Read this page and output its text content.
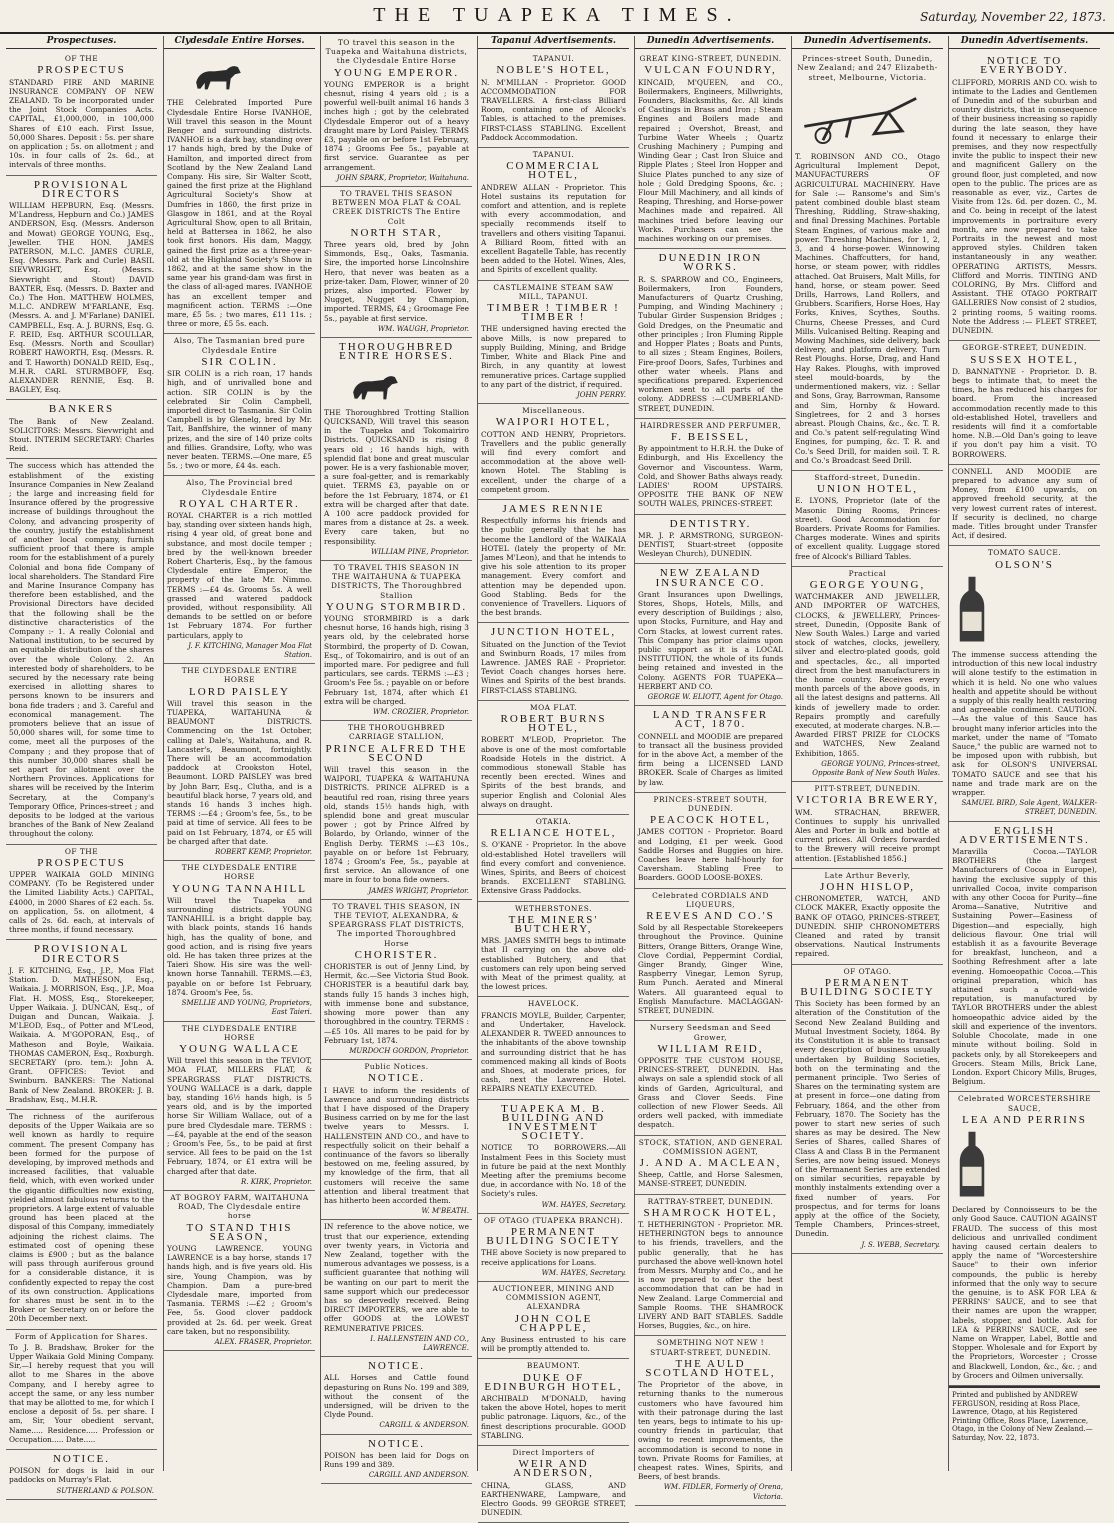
THE TUAPEKA TIMES.	Saturday, November 22, 1873.
Prospectuses.
OF THE
PROSPECTUS
STANDARD FIRE AND MARINE INSURANCE COMPANY OF NEW ZEALAND. To be incorporated under the Joint Stock Companies Acts. CAPITAL, £1,000,000, in 100,000 Shares of £10 each. First Issue, 50,000 Shares. Deposit : 5s. per share on application ; 5s. on allotment ; and 10s. in four calls of 2s. 6d., at intervals of three months.
PROVISIONAL DIRECTORS
WILLIAM HEPBURN, Esq. (Messrs. M'Landress, Hepburn and Co.) JAMES ANDERSON, Esq. (Messrs. Anderson and Mowat) GEORGE YOUNG, Esq., Jeweller. THE HON. JAMES PATERSON, M.L.C. JAMES CURLE, Esq. (Messrs. Park and Curle) BASIL SIEVWRIGHT, Esq. (Messrs. Sievwright and Stout) DAVID BAXTER, Esq. (Messrs. D. Baxter and Co.) The Hon. MATTHEW HOLMES, M.L.C. ANDREW M'FARLANE, Esq. (Messrs. A. and J. M'Farlane) DANIEL CAMPBELL, Esq. A. J. BURNS, Esq. G. F. REID, Esq. ARTHUR SCOULLAR, Esq. (Messrs. North and Scoullar) ROBERT HAWORTH, Esq. (Messrs. R. and T. Haworth) DONALD REID, Esq., M.H.R. CARL STURMBOFF, Esq. ALEXANDER RENNIE, Esq. B. BAGLEY, Esq.
BANKERS
The Bank of New Zealand. SOLICITORS: Messrs. Sievwright and Stout. INTERIM SECRETARY: Charles Reid.
The success which has attended the establishment of the existing Insurance Companies in New Zealand ; the large and increasing field for Insurance offered by the progressive increase of buildings throughout the Colony, and advancing prosperity of the country, justify the establishment of another local company, furnish sufficient proof that there is ample room for the establishment of a purely Colonial and bona fide Company of local shareholders. The Standard Fire and Marine Insurance Company has therefore been established, and the Provisional Directors have decided that the following shall be the distinctive characteristics of the Company :- 1. A really Colonial and National institution, to be secured by an equitable distribution of the shares over the whole Colony. 2. An interested body of shareholders, to be secured by the necessary rate being exercised in allotting shares to persons known to be insurers and bona fide traders ; and 3. Careful and economical management. The promoters believe that an issue of 50,000 shares will, for some time to come, meet all the purposes of the Company ; and they propose that of this number 30,000 shares shall be set apart for allotment over the Northern Provinces. Applications for shares will be received by the Interim Secretary, at the Company's Temporary Office, Princes-street ; and deposits to be lodged at the various branches of the Bank of New Zealand throughout the colony.
OF THE
PROSPECTUS
UPPER WAIKAIA GOLD MINING COMPANY. (To be Registered under the Limited Liability Acts.) CAPITAL, £4000, in 2000 Shares of £2 each. 5s. on application, 5s. on allotment, 4 calls of 2s. 6d. each, at intervals of three months, if found necessary.
PROVISIONAL DIRECTORS
J. F. KITCHING, Esq., J.P., Moa Flat Station. D. MATHESON, Esq., Waikaia. J. MORRISON, Esq., J.P., Moa Flat. H. MOSS, Esq., Storekeeper, Upper Waikaia. J. DUNCAN, Esq., of Duigan and Duncan, Waikaia. J. M'LEOD, Esq., of Potter and M'Leod, Waikaia. A. M'GOPORAN, Esq., of Matheson and Boyle, Waikaia. THOMAS CAMERON, Esq., Roxburgh. SECRETARY (pro. tem.): John A. Grant. OFFICES: Teviot and Swinburn. BANKERS: The National Bank of New Zealand. BROKER: J. B. Bradshaw, Esq., M.H.R.
The richness of the auriferous deposits of the Upper Waikaia are so well known as hardly to require comment. The present Company has been formed for the purpose of developing, by improved methods and increased facilities, that valuable field, which, with even worked under the gigantic difficulties now existing, yielded almost fabulous returns to the proprietors. A large extent of valuable ground has been placed at the disposal of this Company, immediately adjoining the richest claims. The estimated cost of opening these claims is £900 ; but as the balance will pass through auriferous ground for a considerable distance, it is confidently expected to repay the cost of its own construction. Applications for shares must be sent in to the Broker or Secretary on or before the 20th December next.
Form of Application for Shares.
To J. B. Bradshaw, Broker for the Upper Waikaia Gold Mining Company. Sir,—I hereby request that you will allot to me Shares in the above Company, and I hereby agree to accept the same, or any less number that may be allotted to me, for which I enclose a deposit of 5s. per share. I am, Sir, Your obedient servant, Name..... Residence..... Profession or Occupation..... Date.....
NOTICE.
POISON for dogs is laid in our paddocks on Murray's Flat.
SUTHERLAND & POLSON.
Clydesdale Entire Horses.
THE Celebrated Imported Pure Clydesdale Entire Horse IVANHOE, Will travel this season in the Mount Benger and surrounding districts. IVANHOE is a dark bay, standing over 17 hands high, bred by the Duke of Hamilton, and imported direct from Scotland by the New Zealand Land Company. His sire, Sir Walter Scott, gained the first prize at the Highland Agricultural Society's Show at Dumfries in 1860, the first prize in Glasgow in 1861, and at the Royal Agricultural Show, open to all Britain, held at Battersea in 1862, he also took first honors. His dam, Maggy, gained the first prize as a three-year-old at the Highland Society's Show in 1862, and at the same show in the same year his grand-dam was first in the class of all-aged mares. IVANHOE has an excellent temper and magnificent action. TERMS :—One mare, £5 5s. ; two mares, £11 11s. ; three or more, £5 5s. each.
Also, The Tasmanian bred pure Clydesdale Entire
SIR COLIN.
SIR COLIN is a rich roan, 17 hands high, and of unrivalled bone and action. SIR COLIN is by the celebrated Sir Colin Campbell, imported direct to Tasmania. Sir Colin Campbell is by Glenelg, bred by Mr. Tait, Banffshire, the winner of many prizes, and the sire of 140 prize colts and fillies. Grandsire, Lofty, who was never beaten. TERMS.—One mare, £5 5s. ; two or more, £4 4s. each.
Also, The Provincial bred Clydesdale Entire
ROYAL CHARTER.
ROYAL CHARTER is a rich mottled bay, standing over sixteen hands high, rising 4 year old, of great bone and substance, and most docile temper ; bred by the well-known breeder Robert Charteris, Esq., by the famous Clydesdale entire Emperor, the property of the late Mr. Nimmo. TERMS :—£4 4s. Grooms 5s. A well grassed and watered paddock provided, without responsibility. All demands to be settled on or before 1st February 1874. For further particulars, apply to
J. F. KITCHING, Manager Moa Flat Station.
THE CLYDESDALE ENTIRE HORSE
LORD PAISLEY
Will travel this season in the TUAPEKA, WAITAHUNA & BEAUMONT DISTRICTS. Commencing on the 1st October, calling at Dale's, Waitahuna, and R. Lancaster's, Beaumont, fortnightly. There will be an accommodation paddock at Crookston Hotel, Beaumont. LORD PAISLEY was bred by John Barr, Esq., Clutha, and is a beautiful black horse, 7 years old, and stands 16 hands 3 inches high. TERMS :—£4 ; Groom's fee, 5s., to be paid at time of service. All fees to be paid on 1st February, 1874, or £5 will be charged after that date.
ROBERT KEMP, Proprietor.
THE CLYDESDALE ENTIRE HORSE
YOUNG TANNAHILL
Will travel the Tuapeka and surrounding districts. YOUNG TANNAHILL is a bright dapple bay, with black points, stands 16 hands high, has the quality of bone, and good action, and is rising five years old. He has taken three prizes at the Taieri Show. His sire was the well-known horse Tannahill. TERMS.—£3, payable on or before 1st February, 1874. Groom's Fee, 5s.
SMELLIE AND YOUNG, Proprietors, East Taieri.
THE CLYDESDALE ENTIRE HORSE
YOUNG WALLACE
Will travel this season in the TEVIOT, MOA FLAT, MILLERS FLAT, & SPEARGRASS FLAT DISTRICTS. YOUNG WALLACE is a dark, dapple bay, standing 16½ hands high, is 5 years old, and is by the imported horse Sir William Wallace, out of a pure bred Clydesdale mare. TERMS :—£4, payable at the end of the season ; Groom's Fee, 5s., to be paid at first service. All fees to be paid on the 1st February, 1874, or £1 extra will be charged after that date.
R. KIRK, Proprietor.
AT BOGROY FARM, WAITAHUNA ROAD, The Clydesdale entire horse
TO STAND THIS SEASON,
YOUNG LAWRENCE. YOUNG LAWRENCE is a bay horse, stands 17 hands high, and is five years old. His sire, Young Champion, was by Champion. Dam a pure-bred Clydesdale mare, imported from Tasmania. TERMS :—£2 ; Groom's Fee, 5s. Good clover paddock provided at 2s. 6d. per week. Great care taken, but no responsibility.
ALEX. FRASER, Proprietor.
TO travel this season in the Tuapeka and Waitahuna districts, the Clydesdale Entire Horse
YOUNG EMPEROR.
YOUNG EMPEROR is a bright chesnut, rising 4 years old ; is a powerful well-built animal 16 hands 3 inches high ; got by the celebrated Clydesdale Emperor out of a heavy draught mare by Lord Paisley. TERMS £3, payable on or before 1st February, 1874 ; Grooms Fee 5s., payable at first service. Guarantee as per arrangement.
JOHN SPARK, Proprietor, Waitahuna.
TO TRAVEL THIS SEASON BETWEEN MOA FLAT & COAL CREEK DISTRICTS The Entire Colt
NORTH STAR,
Three years old, bred by John Simmonds, Esq., Oaks, Tasmania. Sire, the imported horse Lincolnshire Hero, that never was beaten as a prize-taker. Dam, Flower, winner of 20 prizes, also imported. Flower by Nugget, Nugget by Champion, imported. TERMS, £4 ; Groomage Fee 5s., payable at first service.
WM. WAUGH, Proprietor.
THOROUGHBRED ENTIRE HORSES.
THE Thoroughbred Trotting Stallion QUICKSAND, Will travel this season in the Tuapeka and Tokomairiro Districts. QUICKSAND is rising 8 years old ; 16 hands high, with splendid flat bone and great muscular power. He is a very fashionable mover, a sure foal-getter, and is remarkably quiet. TERMS £3, payable on or before the 1st February, 1874, or £1 extra will be charged after that date. A 100 acre paddock provided for mares from a distance at 2s. a week. Every care taken, but no responsibility.
WILLIAM PINE, Proprietor.
TO TRAVEL THIS SEASON IN THE WAITAHUNA & TUAPEKA DISTRICTS, The Thoroughbred Stallion
YOUNG STORMBIRD.
YOUNG STORMBIRD is a dark chesnut horse, 16 hands high, rising 3 years old, by the celebrated horse Stormbird, the property of D. Cowan, Esq., of Tokomairiro, and is out of an imported mare. For pedigree and full particulars, see cards. TERMS :—£3 ; Groom's Fee 5s. ; payable on or before February 1st, 1874, after which £1 extra will be charged.
WM. CROZIER, Proprietor.
THE THOROUGHBRED CARRIAGE STALLION,
PRINCE ALFRED THE SECOND
Will travel this season in the WAIPORI, TUAPEKA & WAITAHUNA DISTRICTS. PRINCE ALFRED is a beautiful red roan, rising three years old, stands 15½ hands high, with splendid bone and great muscular power ; got by Prince Alfred by Bolardo, by Orlando, winner of the English Derby. TERMS :—£3 10s., payable on or before 1st February, 1874 ; Groom's Fee, 5s., payable at first service. An allowance of one mare in four to bona fide owners.
JAMES WRIGHT, Proprietor.
TO TRAVEL THIS SEASON, IN THE TEVIOT, ALEXANDRA, & SPEARGRASS FLAT DISTRICTS, The imported Thoroughbred Horse
CHORISTER.
CHORISTER is out of Jenny Lind, by Hermit, &c.—See Victoria Stud Book. CHORISTER is a beautiful dark bay, stands fully 15 hands 3 inches high, with immense bone and substance, showing more power than any thoroughbred in the country. TERMS :—£5 10s. All mares to be paid for by February 1st, 1874.
MURDOCH GORDON, Proprietor.
Public Notices.
NOTICE.
I HAVE to inform the residents of Lawrence and surrounding districts that I have disposed of the Drapery Business carried on by me for the last twelve years to Messrs. I. HALLENSTEIN AND CO., and have to respectfully solicit on their behalf a continuance of the favors so liberally bestowed on me, feeling assured, by my knowledge of the firm, that all customers will receive the same attention and liberal treatment that has hitherto been accorded them.
W. M'BEATH.
IN reference to the above notice, we trust that our experience, extending over twenty years, in Victoria and New Zealand, together with the numerous advantages we possess, is a sufficient guarantee that nothing will be wanting on our part to merit the same support which our predecessor has so deservedly received. Being DIRECT IMPORTERS, we are able to offer GOODS at the LOWEST REMUNERATIVE PRICES.
I. HALLENSTEIN AND CO., LAWRENCE.
NOTICE.
ALL Horses and Cattle found depasturing on Runs No. 199 and 389, without the consent of the undersigned, will be driven to the Clyde Pound.
CARGILL & ANDERSON.
NOTICE.
POISON has been laid for Dogs on Runs 199 and 389.
CARGILL AND ANDERSON.
Tapanui Advertisements.
TAPANUI.
NOBLE'S HOTEL,
N. M'MILLAN - Proprietor. GOOD ACCOMMODATION FOR TRAVELLERS. A first-class Billiard Room, containing one of Alcock's Tables, is attached to the premises. FIRST-CLASS STABLING. Excellent Paddock Accommodation.
TAPANUI.
COMMERCIAL HOTEL,
ANDREW ALLAN - Proprietor. This Hotel sustains its reputation for comfort and attention, and is replete with every accommodation, and specially recommends itself to travellers and others visiting Tapanui. A Billiard Room, fitted with an excellent Bagatelle Table, has recently been added to the Hotel. Wines, Ales, and Spirits of excellent quality.
CASTLEMAINE STEAM SAW MILL, TAPANUI.
TIMBER ! TIMBER ! TIMBER !
THE undersigned having erected the above Mills, is now prepared to supply Building, Mining, and Bridge Timber, White and Black Pine and Birch, in any quantity at lowest remunerative prices. Cartage supplied to any part of the district, if required.
JOHN PERRY.
Miscellaneous.
WAIPORI HOTEL,
COTTON AND HENRY, Proprietors. Travellers and the public generally will find every comfort and accommodation at the above well-known Hotel. The Stabling is excellent, under the charge of a competent groom.
JAMES RENNIE
Respectfully informs his friends and the public generally that he has become the Landlord of the WAIKAIA HOTEL (lately the property of Mr. James M'Leon), and that he intends to give his sole attention to its proper management. Every comfort and attention may be depended upon. Good Stabling. Beds for the convenience of Travellers. Liquors of the best brands.
JUNCTION HOTEL,
Situated on the Junction of the Teviot and Swinburn Roads, 17 miles from Lawrence. JAMES RAE - Proprietor. Teviot Coach changes horses here. Wines and Spirits of the best brands. FIRST-CLASS STABLING.
MOA FLAT.
ROBERT BURNS HOTEL,
ROBERT M'LEOD, Proprietor. The above is one of the most comfortable Roadside Hotels in the district. A commodious stonewall Stable has recently been erected. Wines and Spirits of the best brands, and superior English and Colonial Ales always on draught.
OTAKIA.
RELIANCE HOTEL,
S. O'KANE - Proprietor. In the above old-established Hotel travellers will find every comfort and convenience. Wines, Spirits, and Beers of choicest brands. EXCELLENT STABLING. Extensive Grass Paddocks.
WETHERSTONES.
THE MINERS' BUTCHERY,
MRS. JAMES SMITH begs to intimate that II carrying on the above old-established Butchery, and that customers can rely upon being served with Meat of the primest quality, at the lowest prices.
HAVELOCK.
FRANCIS MOYLE, Builder, Carpenter, and Undertaker, Havelock. ALEXANDER R. TWEED announces to the inhabitants of the above township and surrounding district that he has commenced making all kinds of Boots and Shoes, at moderate prices, for cash, next the Lawrence Hotel. REPAIRS NEATLY EXECUTED.
TUAPEKA M. B. BUILDING AND INVESTMENT SOCIETY.
NOTICE TO BORROWERS.—All Instalment Fees in this Society must in future be paid at the next Monthly Meeting after the premiums become due, in accordance with No. 18 of the Society's rules.
WM. HAYES, Secretary.
OF OTAGO (TUAPEKA BRANCH).
PERMANENT BUILDING SOCIETY
THE above Society is now prepared to receive applications for Loans.
WM. HAYES, Secretary.
AUCTIONEER, MINING AND COMMISSION AGENT, ALEXANDRA
JOHN COLE CHAPPLE,
Any Business entrusted to his care will be promptly attended to.
BEAUMONT.
DUKE OF EDINBURGH HOTEL,
ARCHIBALD M'DONALD, having taken the above Hotel, hopes to merit public patronage. Liquors, &c., of the finest descriptions procurable. GOOD STABLING.
Direct Importers of
WEIR AND ANDERSON,
CHINA, GLASS, AND EARTHENWARE, Lampware, and Electro Goods. 99 GEORGE STREET, DUNEDIN.
Dunedin Advertisements.
GREAT KING-STREET, DUNEDIN.
VULCAN FOUNDRY,
KINCAID, M'QUEEN, and CO., Boilermakers, Engineers, Millwrights, Founders, Blacksmiths, &c. All kinds of Castings in Brass and Iron ; Steam Engines and Boilers made and repaired ; Overshot, Breast, and Turbine Water Wheels ; Quartz Crushing Machinery ; Pumping and Winding Gear ; Cast Iron Sluice and Ripple Plates ; Steel Iron Hopper and Sluice Plates punched to any size of hole ; Gold Dredging Spoons, &c. ; Flour Mill Machinery, and all kinds of Reaping, Threshing, and Horse-power Machines made and repaired. All machines tried before leaving our Works. Purchasers can see the machines working on our premises.
DUNEDIN IRON WORKS.
R. S. SPARROW and CO., Engineers, Boilermakers, Iron Founders, Manufacturers of Quartz Crushing, Pumping, and Winding Machinery ; Tubular Girder Suspension Bridges ; Gold Dredges, on the Pneumatic and other principles ; Iron Fluming Ripple and Hopper Plates ; Boats and Punts, to all sizes ; Steam Engines, Boilers, Fire-proof Doors, Safes, Turbines and other water wheels. Plans and specifications prepared. Experienced workmen sent to all parts of the colony. ADDRESS :—CUMBERLAND-STREET, DUNEDIN.
HAIRDRESSER AND PERFUMER,
F. BEISSEL,
By appointment to H.R.H. the Duke of Edinburgh, and His Excellency the Governor and Viscountess. Warm, Cold, and Shower Baths always ready. LADIES' ROOM UPSTAIRS. OPPOSITE THE BANK OF NEW SOUTH WALES, PRINCES-STREET.
DENTISTRY.
MR. J. P. ARMSTRONG, SURGEON-DENTIST, Stuart-street (opposite Wesleyan Church), DUNEDIN.
NEW ZEALAND INSURANCE CO.
Grant Insurances upon Dwellings, Stores, Shops, Hotels, Mills, and every description of Buildings ; also, upon Stocks, Furniture, and Hay and Corn Stacks, at lowest current rates. This Company has prior claims upon public support as it is a LOCAL INSTITUTION, the whole of its funds being retained and invested in the Colony. AGENTS FOR TUAPEKA—HERBERT AND CO.
GEORGE W. ELIOTT, Agent for Otago.
LAND TRANSFER ACT, 1870.
CONNELL and MOODIE are prepared to transact all the business provided for in the above Act, a member of the firm being a LICENSED LAND BROKER. Scale of Charges as limited by law.
PRINCES-STREET SOUTH, DUNEDIN.
PEACOCK HOTEL,
JAMES COTTON - Proprietor. Board and Lodging, £1 per week. Good Saddle Horses and Buggies on hire. Coaches leave here half-hourly for Caversham. Stabling Free to Boarders. GOOD LOOSE-BOXES.
Celebrated CORDIALS AND LIQUEURS,
REEVES AND CO.'S
Sold by all Respectable Storekeepers throughout the Province. Quinine Bitters, Orange Bitters, Orange Wine, Clove Cordial, Peppermint Cordial, Ginger Brandy, Ginger Wine, Raspberry Vinegar, Lemon Syrup, Rum Punch. Aerated and Mineral Waters. All guaranteed equal to English Manufacture. MACLAGGAN-STREET, DUNEDIN.
Nursery Seedsman and Seed Grower,
WILLIAM REID,
OPPOSITE THE CUSTOM HOUSE, PRINCES-STREET, DUNEDIN. Has always on sale a splendid stock of all kinds of Garden, Agricultural, and Grass and Clover Seeds. Fine collection of new Flower Seeds. All orders well packed, with immediate despatch.
STOCK, STATION, AND GENERAL COMMISSION AGENT,
J. AND A. MACLEAN,
Sheep, Cattle, and Horse Salesmen, MANSE-STREET, DUNEDIN.
RATTRAY-STREET, DUNEDIN.
SHAMROCK HOTEL,
T. HETHERINGTON - Proprietor. MR. HETHERINGTON begs to announce to his friends, travellers, and the public generally, that he has purchased the above well-known hotel from Messrs. Murphy and Co., and he is now prepared to offer the best accommodation that can be had in New Zealand. Large Commercial and Sample Rooms. THE SHAMROCK LIVERY AND BAIT STABLES. Saddle Horses, Buggies, &c., on hire.
SOMETHING NOT NEW ! STUART-STREET, DUNEDIN.
THE AULD SCOTLAND HOTEL,
The Proprietor of the above, in returning thanks to the numerous customers who have favoured him with their patronage during the last ten years, begs to intimate to his up-country friends in particular, that owing to recent improvements, the accommodation is second to none in town. Private Rooms for Families, at cheapest rates. Wines, Spirits, and Beers, of best brands.
WM. FIDLER, Formerly of Orena, Victoria.
Dunedin Advertisements.
Princes-street South, Dunedin, New Zealand; and 247 Elizabeth-street, Melbourne, Victoria.
T. ROBINSON AND CO., Otago Agricultural Implement Depot, MANUFACTURERS OF AGRICULTURAL MACHINERY. Have for Sale :— Ransome's and Sim's patent combined double blast steam Threshing, Riddling, Straw-shaking, and final Dressing Machines. Portable Steam Engines, of various make and power. Threshing Machines, for 1, 2, 3, and 4 horse-power. Winnowing Machines. Chaffcutters, for hand, horse, or steam power, with riddles attached. Oat Bruisers, Malt Mills, for hand, horse, or steam power. Seed Drills, Harrows, Land Rollers, and Grubbers. Scarifiers, Horse Hoes, Hay Forks, Knives, Scythes, Souths. Churns, Cheese Presses, and Curd Mills. Vulcanised Belting. Reaping and Mowing Machines, side delivery, back delivery, and platform delivery. Turn Rest Ploughs. Horse, Drag, and Hand Hay Rakes. Ploughs, with improved steel mould-boards, by the undermentioned makers, viz. : Sellar and Sons, Gray, Barrowman, Ransome and Sim, Hornby & Howard. Singletrees, for 2 and 3 horses abreast. Plough Chains, &c., &c. T. R. and Co.'s patent self-regulating Wind Engines, for pumping, &c. T. R. and Co.'s Seed Drill, for maiden soil. T. R. and Co.'s Broadcast Seed Drill.
Stafford-street, Dunedin.
UNION HOTEL,
E. LYONS, Proprietor (late of the Masonic Dining Rooms, Princes-street). Good Accommodation for Boarders. Private Rooms for Families. Charges moderate. Wines and spirits of excellent quality. Luggage stored free of Alcock's Billiard Tables.
Practical
GEORGE YOUNG,
WATCHMAKER AND JEWELLER, AND IMPORTER OF WATCHES, CLOCKS, & JEWELLERY, Princes-street, Dunedin, (Opposite Bank of New South Wales.) Large and varied stock of watches, clocks, jewellery, silver and electro-plated goods, gold and spectacles, &c., all imported direct from the best manufacturers in the home country. Receives every month parcels of the above goods, in all the latest designs and patterns. All kinds of jewellery made to order. Repairs promptly and carefully executed, at moderate charges. N.B.—Awarded FIRST PRIZE for CLOCKS and WATCHES, New Zealand Exhibition, 1865.
GEORGE YOUNG, Princes-street, Opposite Bank of New South Wales.
PITT-STREET, DUNEDIN.
VICTORIA BREWERY,
WM. STRACHAN, BREWER, Continues to supply his unrivalled Ales and Porter in bulk and bottle at current prices. All Orders forwarded to the Brewery will receive prompt attention. [Established 1856.]
Late Arthur Beverly,
JOHN HISLOP,
CHRONOMETER, WATCH, AND CLOCK MAKER, Exactly opposite the BANK OF OTAGO, PRINCES-STREET, DUNEDIN. SHIP CHRONOMETERS Cleaned and rated by transit observations. Nautical Instruments repaired.
OF OTAGO.
PERMANENT BUILDING SOCIETY
This Society has been formed by an alteration of the Constitution of the Second New Zealand Building and Mutual Investment Society, 1864. By its Constitution it is able to transact every description of business usually undertaken by Building Societies, both on the terminating and the permanent principle. Two Series of Shares on the terminating system are at present in force—one dating from February, 1864, and the other from February, 1870. The Society has the power to start new series of such shares as may be desired. The New Series of Shares, called Shares of Class A and Class B in the Permanent Series, are now being issued. Moneys of the Permanent Series are extended on similar securities, repayable by monthly instalments extending over a fixed number of years. For prospectus, and for terms for loans apply at the office of the Society, Temple Chambers, Princes-street, Dunedin.
J. S. WEBB, Secretary.
Dunedin Advertisements.
NOTICE TO EVERYBODY.
CLIFFORD, MORRIS AND CO. wish to intimate to the Ladies and Gentlemen of Dunedin and of the suburban and country districts, that in consequence of their business increasing so rapidly during the late season, they have found it necessary to enlarge their premises, and they now respectfully invite the public to inspect their new and magnificent Gallery on the ground floor, just completed, and now open to the public. The prices are as reasonable as ever, viz., Cartes de Visite from 12s. 6d. per dozen. C., M. and Co. being in receipt of the latest improvements in portraiture every month, are now prepared to take Portraits in the newest and most approved styles. Children taken instantaneously in any weather. OPERATING ARTISTS, Messrs. Clifford and Morris. TINTING AND COLORING, By Mrs. Clifford and Assistant. THE OTAGO PORTRAIT GALLERIES Now consist of 2 studios, 2 printing rooms, 5 waiting rooms. Note the Address :— FLEET STREET, DUNEDIN.
GEORGE-STREET, DUNEDIN.
SUSSEX HOTEL,
D. BANNATYNE - Proprietor. D. B. begs to intimate that, to meet the times, he has reduced his charges for board. From the increased accommodation recently made to this old-established Hotel, travellers and residents will find it a comfortable home. N.B.—Old Dan's going to leave if you don't pay him a visit. TO BORROWERS.
CONNELL AND MOODIE are prepared to advance any sum of Money, from £100 upwards, on approved freehold security, at the very lowest current rates of interest. If security is declined, no charge made. Titles brought under Transfer Act, if desired.
TOMATO SAUCE.
OLSON'S
The immense success attending the introduction of this new local industry will alone testify to the estimation in which it is held. No one who values health and appetite should be without a supply of this really health restoring and agreeable condiment. CAUTION.—As the value of this Sauce has brought many inferior articles into the market, under the name of "Tomato Sauce," the public are warned not to be imposed upon with rubbish, but ask for OLSON'S UNIVERSAL TOMATO SAUCE and see that his name and trade mark are on the wrapper.
SAMUEL BIRD, Sole Agent, WALKER-STREET, DUNEDIN.
ENGLISH ADVERTISEMENTS.
Maravilla Cocoa.—TAYLOR BROTHERS (the largest Manufacturers of Cocoa in Europe), having the exclusive supply of this unrivalled Cocoa, invite comparison with any other Cocoa for Purity—fine Aroma—Sanative, Nutritive and Sustaining Power—Easiness of Digestion—and especially, high delicious flavour. One trial will establish it as a favourite Beverage for breakfast, luncheon, and a Soothing Refreshment after a late evening. Homoeopathic Cocoa.—This original preparation, which has attained such a world-wide reputation, is manufactured by TAYLOR BROTHERS under the ablest homoeopathic advice aided by the skill and experience of the inventors. Soluble Chocolate, made in one minute without boiling. Sold in packets only, by all Storekeepers and Grocers. Steam Mills, Brick Lane, London. Export Chicory Mills, Bruges, Belgium.
Celebrated WORCESTERSHIRE SAUCE,
LEA AND PERRINS
Declared by Connoisseurs to be the only Good Sauce. CAUTION AGAINST FRAUD. The success of this most delicious and unrivalled condiment having caused certain dealers to apply the name of "Worcestershire Sauce" to their own inferior compounds, the public is hereby informed that the only way to secure the genuine, is to ASK FOR LEA & PERRINS' SAUCE, and to see that their names are upon the wrapper, labels, stopper, and bottle. Ask for LEA & PERRINS' SAUCE, and see Name on Wrapper, Label, Bottle and Stopper. Wholesale and for Export by the Proprietors, Worcester ; Crosse and Blackwell, London, &c., &c. ; and by Grocers and Oilmen universally.
Printed and published by ANDREW FERGUSON, residing at Ross Place, Lawrence, Otago, at his Registered Printing Office, Ross Place, Lawrence, Otago, in the Colony of New Zealand.—Saturday, Nov. 22, 1873.
